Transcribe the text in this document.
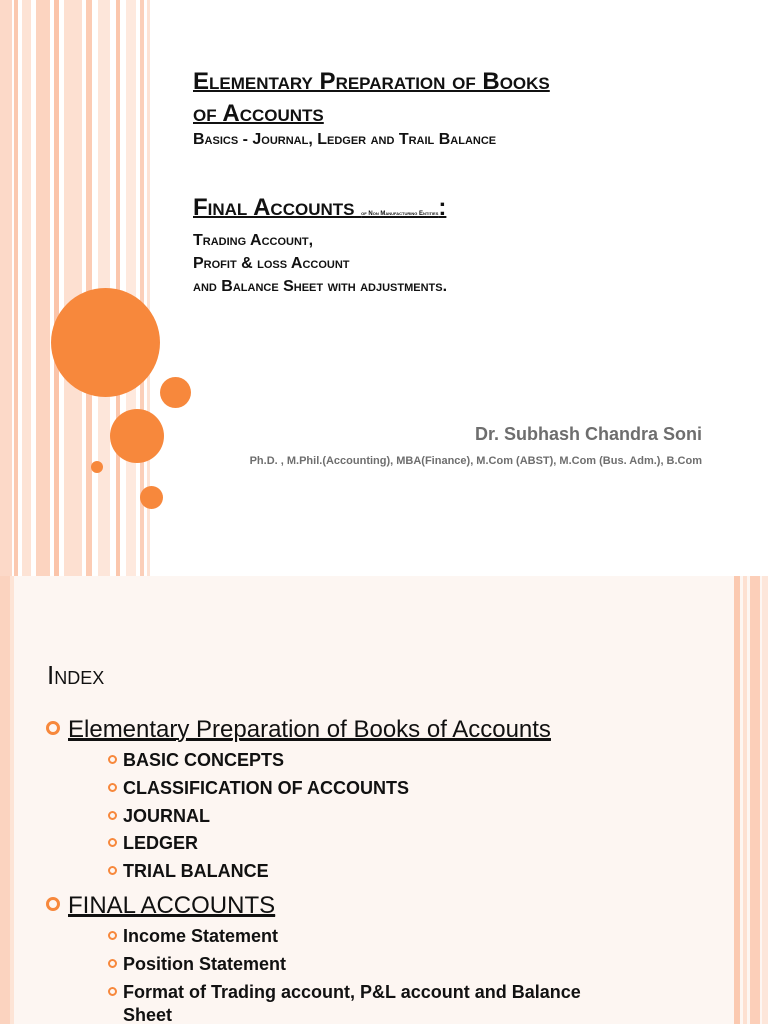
Elementary Preparation of Books
of Accounts
Basics - Journal, Ledger and Trail Balance
Final Accounts of Non Manufacturing Entities:
Trading Account,
Profit & loss Account
and Balance Sheet with adjustments.
Dr. Subhash Chandra Soni
Ph.D. , M.Phil.(Accounting), MBA(Finance), M.Com (ABST), M.Com (Bus. Adm.), B.Com
Index
Elementary Preparation of Books of Accounts
BASIC CONCEPTS
CLASSIFICATION OF ACCOUNTS
JOURNAL
LEDGER
TRIAL BALANCE
FINAL ACCOUNTS
Income Statement
Position Statement
Format of Trading account, P&L account and Balance
Sheet
